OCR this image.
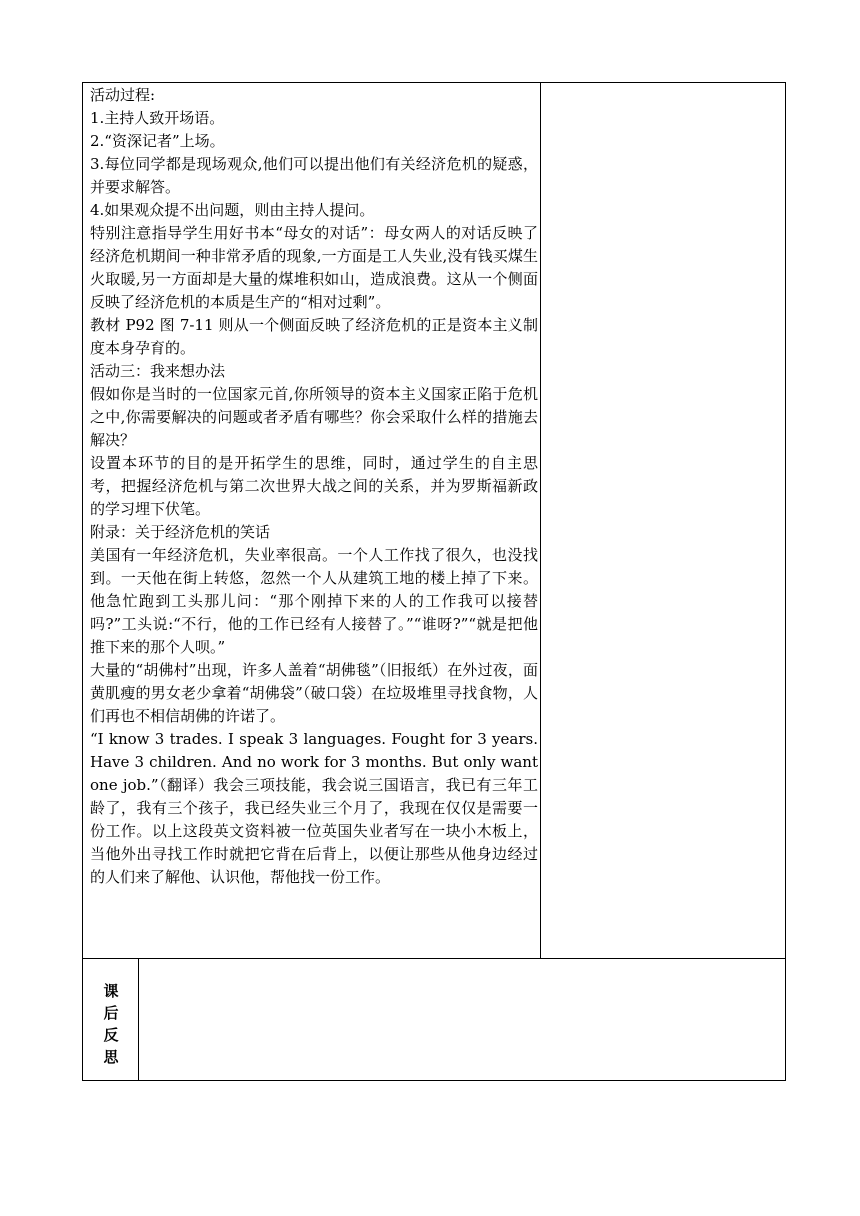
活动过程:

1.主持人致开场语。

2.“资深记者”上场。

3.每位同学都是现场观众,他们可以提出他们有关经济危机的疑惑，并要求解答。

4.如果观众提不出问题，则由主持人提问。

特别注意指导学生用好书本“母女的对话”：母女两人的对话反映了经济危机期间一种非常矛盾的现象,一方面是工人失业,没有钱买煤生火取暖,另一方面却是大量的煤堆积如山，造成浪费。这从一个侧面反映了经济危机的本质是生产的“相对过剩”。

教材 P92 图 7-11 则从一个侧面反映了经济危机的正是资本主义制度本身孕育的。

活动三：我来想办法

假如你是当时的一位国家元首,你所领导的资本主义国家正陷于危机之中,你需要解决的问题或者矛盾有哪些？你会采取什么样的措施去解决？

设置本环节的目的是开拓学生的思维，同时，通过学生的自主思考，把握经济危机与第二次世界大战之间的关系，并为罗斯福新政的学习埋下伏笔。

附录：关于经济危机的笑话

美国有一年经济危机，失业率很高。一个人工作找了很久，也没找到。一天他在街上转悠，忽然一个人从建筑工地的楼上掉了下来。他急忙跑到工头那儿问：“那个刚掉下来的人的工作我可以接替吗?”工头说:“不行，他的工作已经有人接替了。”“谁呀?”“就是把他推下来的那个人呗。”

大量的“胡佛村”出现，许多人盖着“胡佛毯”（旧报纸）在外过夜，面黄肌瘦的男女老少拿着“胡佛袋”（破口袋）在垃圾堆里寻找食物，人们再也不相信胡佛的许诺了。

“I know 3 trades. I speak 3 languages. Fought for 3 years. Have 3 children. And no work for 3 months. But only want one job.”（翻译）我会三项技能，我会说三国语言，我已有三年工龄了，我有三个孩子，我已经失业三个月了，我现在仅仅是需要一份工作。以上这段英文资料被一位英国失业者写在一块小木板上，当他外出寻找工作时就把它背在后背上，以便让那些从他身边经过的人们来了解他、认识他，帮他找一份工作。

课
后
反
思
